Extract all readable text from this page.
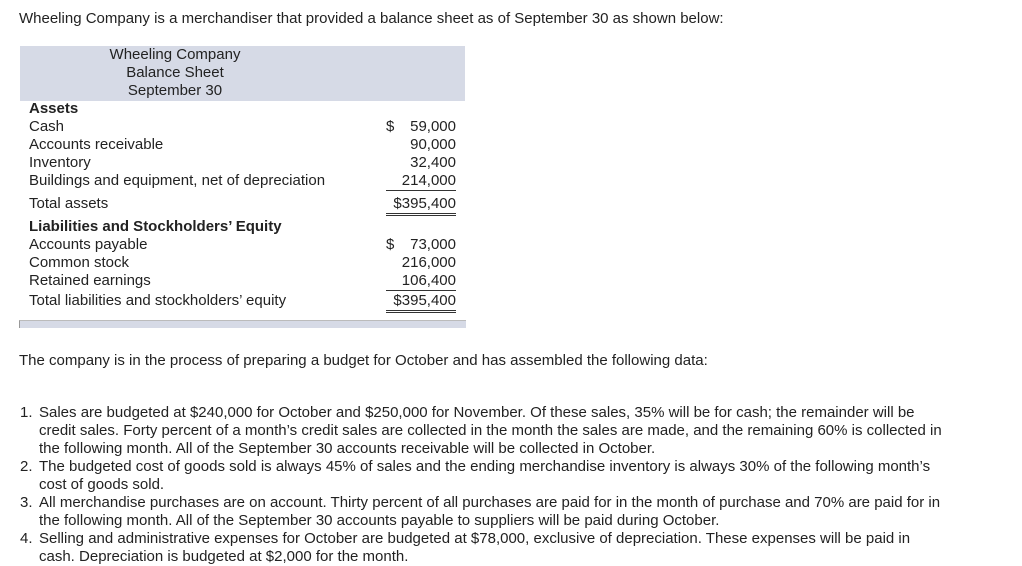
Wheeling Company is a merchandiser that provided a balance sheet as of September 30 as shown below:
Wheeling Company
Balance Sheet
September 30
Assets
Cash	$ 59,000
Accounts receivable	90,000
Inventory	32,400
Buildings and equipment, net of depreciation	214,000
Total assets	$395,400
Liabilities and Stockholders’ Equity
Accounts payable	$ 73,000
Common stock	216,000
Retained earnings	106,400
Total liabilities and stockholders’ equity	$395,400
The company is in the process of preparing a budget for October and has assembled the following data:
1. Sales are budgeted at $240,000 for October and $250,000 for November. Of these sales, 35% will be for cash; the remainder will be credit sales. Forty percent of a month’s credit sales are collected in the month the sales are made, and the remaining 60% is collected in the following month. All of the September 30 accounts receivable will be collected in October.
2. The budgeted cost of goods sold is always 45% of sales and the ending merchandise inventory is always 30% of the following month’s cost of goods sold.
3. All merchandise purchases are on account. Thirty percent of all purchases are paid for in the month of purchase and 70% are paid for in the following month. All of the September 30 accounts payable to suppliers will be paid during October.
4. Selling and administrative expenses for October are budgeted at $78,000, exclusive of depreciation. These expenses will be paid in cash. Depreciation is budgeted at $2,000 for the month.
